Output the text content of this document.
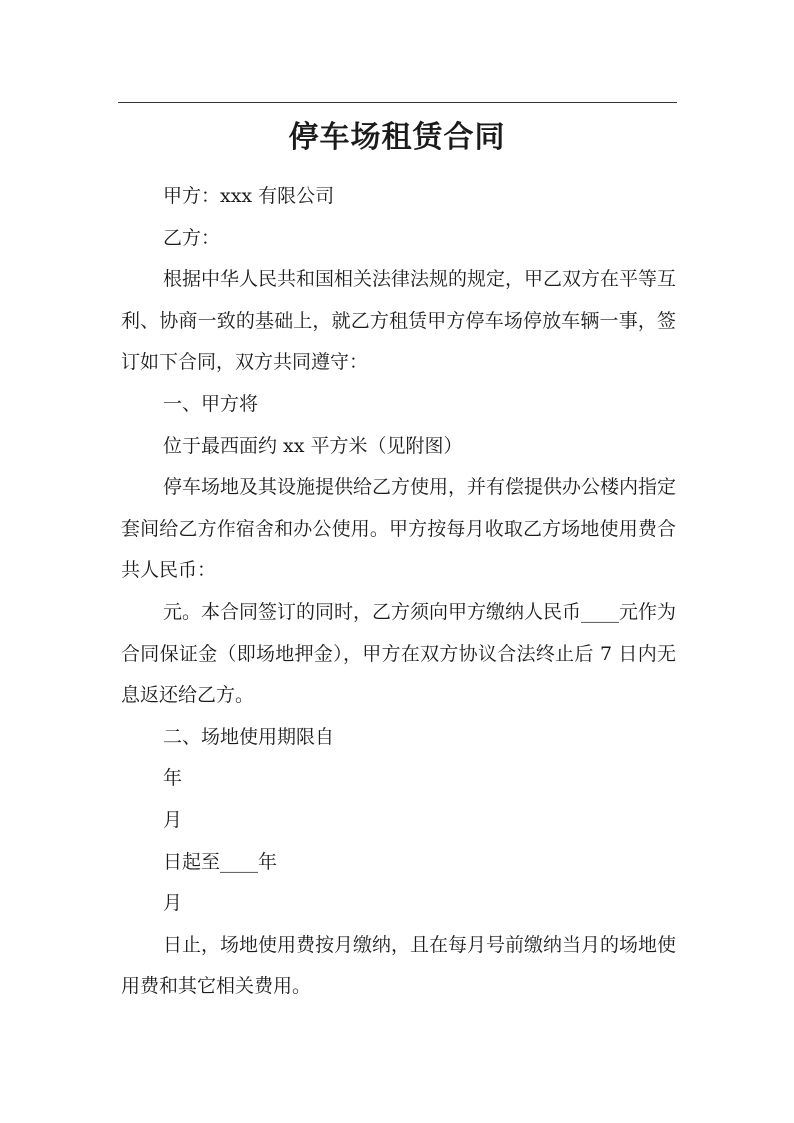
停车场租赁合同

甲方：xxx 有限公司

乙方：

根据中华人民共和国相关法律法规的规定，甲乙双方在平等互利、协商一致的基础上，就乙方租赁甲方停车场停放车辆一事，签订如下合同，双方共同遵守：

一、甲方将

位于最西面约 xx 平方米（见附图）

停车场地及其设施提供给乙方使用，并有偿提供办公楼内指定套间给乙方作宿舍和办公使用。甲方按每月收取乙方场地使用费合共人民币：

元。本合同签订的同时，乙方须向甲方缴纳人民币____元作为合同保证金（即场地押金），甲方在双方协议合法终止后 7 日内无息返还给乙方。

二、场地使用期限自

年

月

日起至____年

月

日止，场地使用费按月缴纳，且在每月号前缴纳当月的场地使用费和其它相关费用。
